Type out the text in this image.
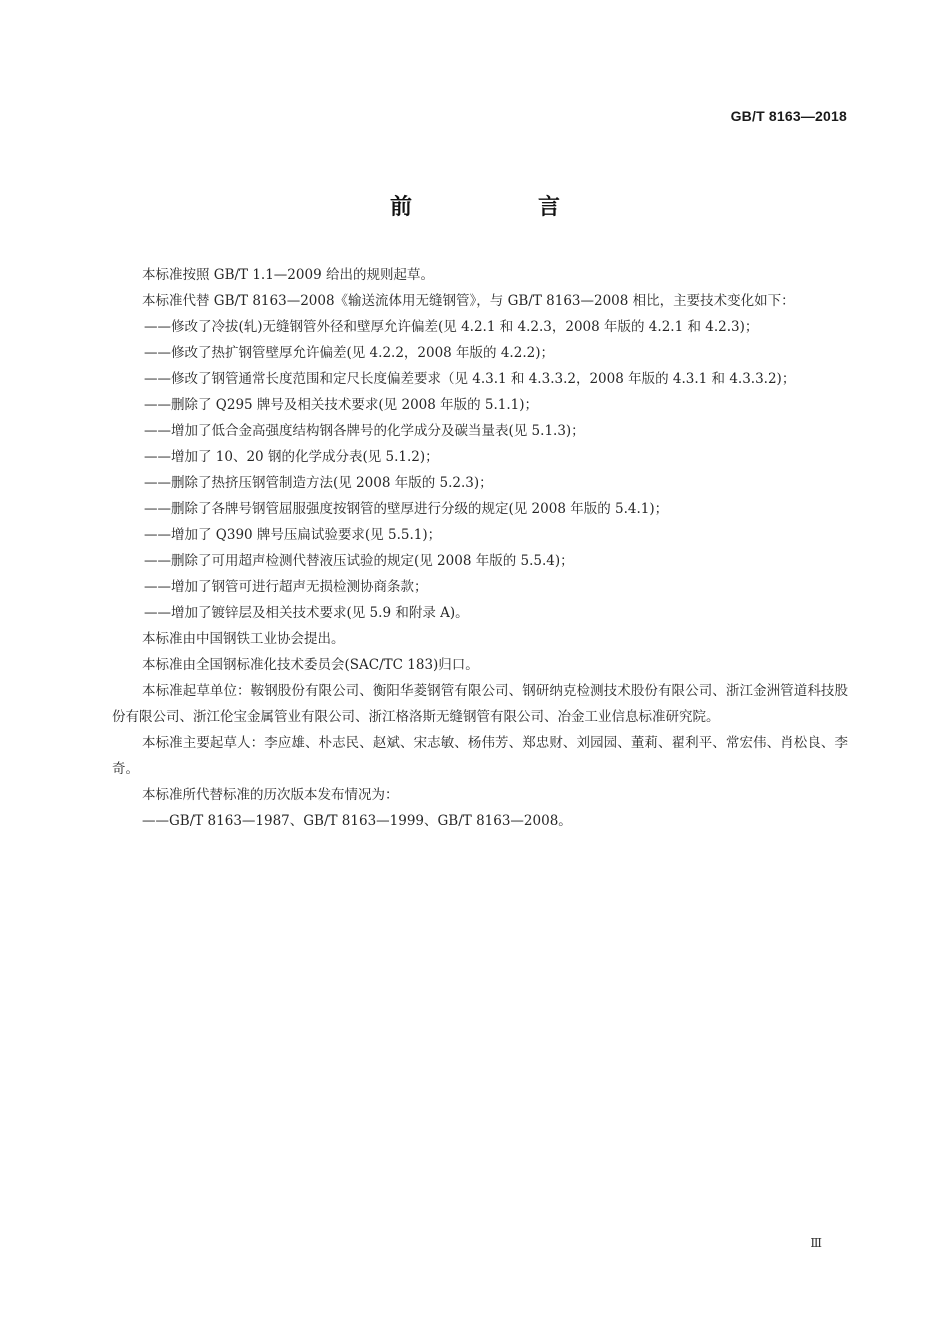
GB/T 8163—2018
前　言

本标准按照 GB/T 1.1—2009 给出的规则起草。

本标准代替 GB/T 8163—2008《输送流体用无缝钢管》，与 GB/T 8163—2008 相比，主要技术变化如下：

——修改了冷拔(轧)无缝钢管外径和壁厚允许偏差(见 4.2.1 和 4.2.3，2008 年版的 4.2.1 和 4.2.3)；

——修改了热扩钢管壁厚允许偏差(见 4.2.2，2008 年版的 4.2.2)；

——修改了钢管通常长度范围和定尺长度偏差要求（见 4.3.1 和 4.3.3.2，2008 年版的 4.3.1 和 4.3.3.2)；

——删除了 Q295 牌号及相关技术要求(见 2008 年版的 5.1.1)；

——增加了低合金高强度结构钢各牌号的化学成分及碳当量表(见 5.1.3)；

——增加了 10、20 钢的化学成分表(见 5.1.2)；

——删除了热挤压钢管制造方法(见 2008 年版的 5.2.3)；

——删除了各牌号钢管屈服强度按钢管的壁厚进行分级的规定(见 2008 年版的 5.4.1)；

——增加了 Q390 牌号压扁试验要求(见 5.5.1)；

——删除了可用超声检测代替液压试验的规定(见 2008 年版的 5.5.4)；

——增加了钢管可进行超声无损检测协商条款；

——增加了镀锌层及相关技术要求(见 5.9 和附录 A)。

本标准由中国钢铁工业协会提出。

本标准由全国钢标准化技术委员会(SAC/TC 183)归口。

本标准起草单位：鞍钢股份有限公司、衡阳华菱钢管有限公司、钢研纳克检测技术股份有限公司、浙江金洲管道科技股份有限公司、浙江伦宝金属管业有限公司、浙江格洛斯无缝钢管有限公司、冶金工业信息标准研究院。

本标准主要起草人：李应雄、朴志民、赵斌、宋志敏、杨伟芳、郑忠财、刘园园、董莉、翟利平、常宏伟、肖松良、李奇。

本标准所代替标准的历次版本发布情况为：

——GB/T 8163—1987、GB/T 8163—1999、GB/T 8163—2008。

Ⅲ
